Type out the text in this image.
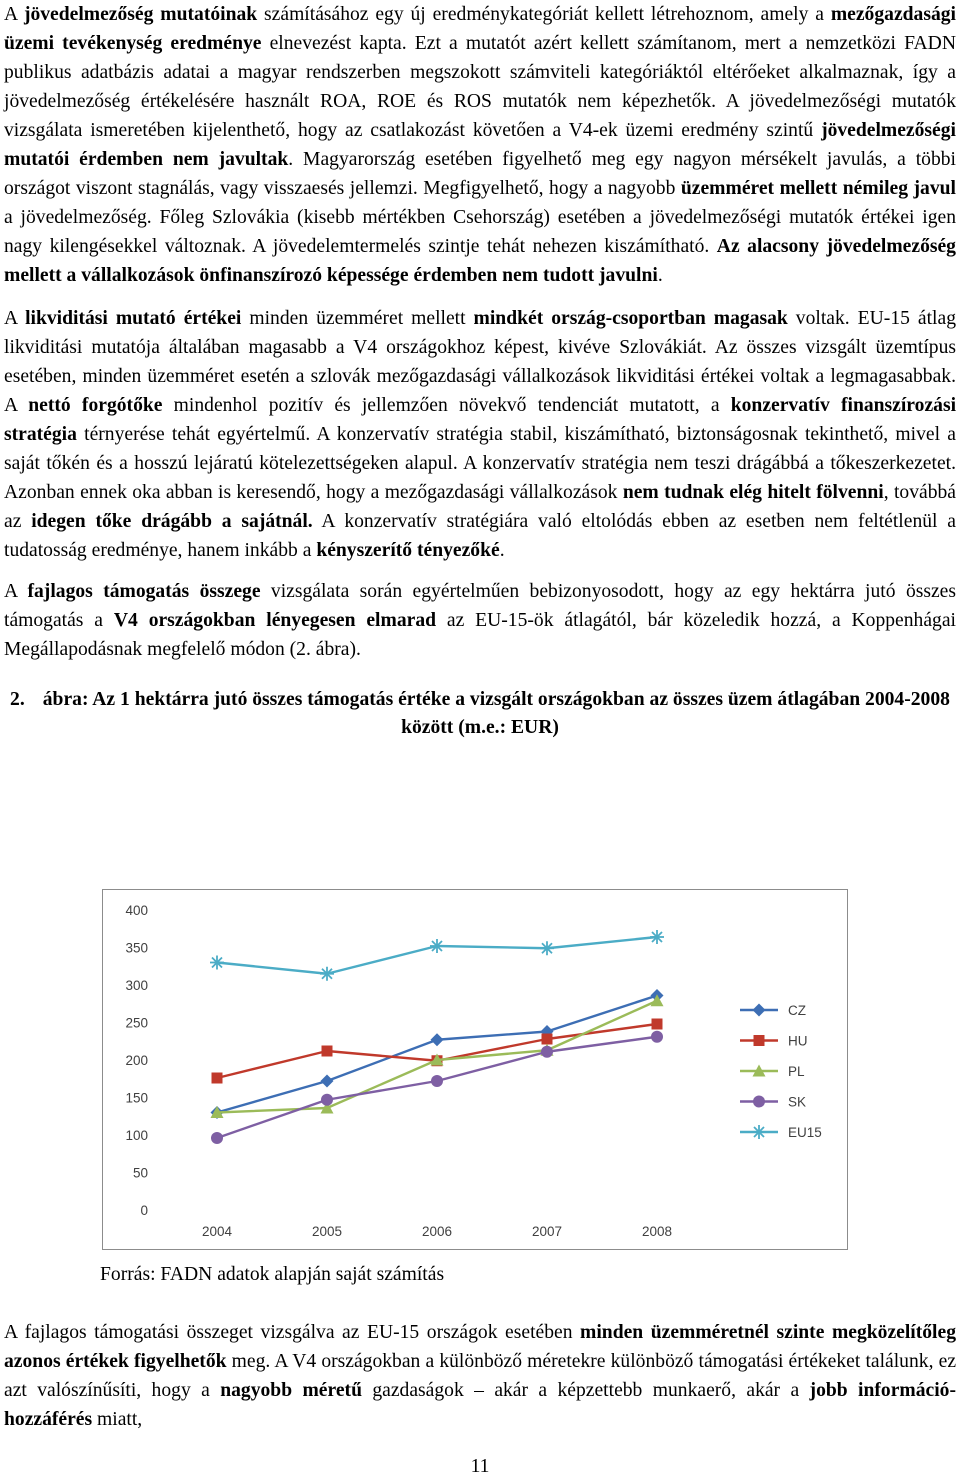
A jövedelmezőség mutatóinak számításához egy új eredménykategóriát kellett létrehoznom, amely a mezőgazdasági üzemi tevékenység eredménye elnevezést kapta. Ezt a mutatót azért kellett számítanom, mert a nemzetközi FADN publikus adatbázis adatai a magyar rendszerben megszokott számviteli kategóriáktól eltérőeket alkalmaznak, így a jövedelmezőség értékelésére használt ROA, ROE és ROS mutatók nem képezhetők. A jövedelmezőségi mutatók vizsgálata ismeretében kijelenthető, hogy az csatlakozást követően a V4-ek üzemi eredmény szintű jövedelmezőségi mutatói érdemben nem javultak. Magyarország esetében figyelhető meg egy nagyon mérsékelt javulás, a többi országot viszont stagnálás, vagy visszaesés jellemzi. Megfigyelhető, hogy a nagyobb üzemméret mellett némileg javul a jövedelmezőség. Főleg Szlovákia (kisebb mértékben Csehország) esetében a jövedelmezőségi mutatók értékei igen nagy kilengésekkel változnak. A jövedelemtermelés szintje tehát nehezen kiszámítható. Az alacsony jövedelmezőség mellett a vállalkozások önfinanszírozó képessége érdemben nem tudott javulni.

A likviditási mutató értékei minden üzemméret mellett mindkét ország-csoportban magasak voltak. EU-15 átlag likviditási mutatója általában magasabb a V4 országokhoz képest, kivéve Szlovákiát. Az összes vizsgált üzemtípus esetében, minden üzemméret esetén a szlovák mezőgazdasági vállalkozások likviditási értékei voltak a legmagasabbak. A nettó forgótőke mindenhol pozitív és jellemzően növekvő tendenciát mutatott, a konzervatív finanszírozási stratégia térnyerése tehát egyértelmű. A konzervatív stratégia stabil, kiszámítható, biztonságosnak tekinthető, mivel a saját tőkén és a hosszú lejáratú kötelezettségeken alapul. A konzervatív stratégia nem teszi drágábbá a tőkeszerkezetet. Azonban ennek oka abban is keresendő, hogy a mezőgazdasági vállalkozások nem tudnak elég hitelt fölvenni, továbbá az idegen tőke drágább a sajátnál. A konzervatív stratégiára való eltolódás ebben az esetben nem feltétlenül a tudatosság eredménye, hanem inkább a kényszerítő tényezőké.

A fajlagos támogatás összege vizsgálata során egyértelműen bebizonyosodott, hogy az egy hektárra jutó összes támogatás a V4 országokban lényegesen elmarad az EU-15-ök átlagától, bár közeledik hozzá, a Koppenhágai Megállapodásnak megfelelő módon (2. ábra).

2. ábra: Az 1 hektárra jutó összes támogatás értéke a vizsgált országokban az összes üzem átlagában 2004-2008 között (m.e.: EUR)
0
50
100
150
200
250
300
350
400
2004	2005	2006	2007	2008
CZ
HU
PL
SK
EU15
Forrás: FADN adatok alapján saját számítás

A fajlagos támogatási összeget vizsgálva az EU-15 országok esetében minden üzemméretnél szinte megközelítőleg azonos értékek figyelhetők meg. A V4 országokban a különböző méretekre különböző támogatási értékeket találunk, ez azt valószínűsíti, hogy a nagyobb méretű gazdaságok – akár a képzettebb munkaerő, akár a jobb információ-hozzáférés miatt,

11
